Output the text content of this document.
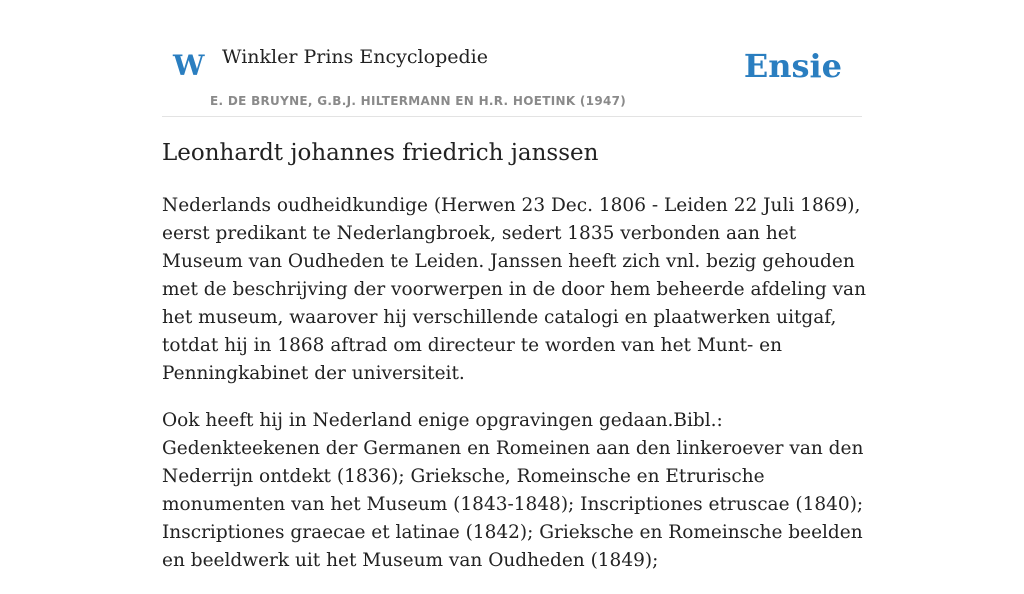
W Winkler Prins Encyclopedie
E. DE BRUYNE, G.B.J. HILTERMANN EN H.R. HOETINK (1947)
Ensie
Leonhardt johannes friedrich janssen

Nederlands oudheidkundige (Herwen 23 Dec. 1806 - Leiden 22 Juli 1869), eerst predikant te Nederlangbroek, sedert 1835 verbonden aan het Museum van Oudheden te Leiden. Janssen heeft zich vnl. bezig gehouden met de beschrijving der voorwerpen in de door hem beheerde afdeling van het museum, waarover hij verschillende catalogi en plaatwerken uitgaf, totdat hij in 1868 aftrad om directeur te worden van het Munt- en Penningkabinet der universiteit.

Ook heeft hij in Nederland enige opgravingen gedaan.Bibl.: Gedenkteekenen der Germanen en Romeinen aan den linkeroever van den Nederrijn ontdekt (1836); Grieksche, Romeinsche en Etrurische monumenten van het Museum (1843-1848); Inscriptiones etruscae (1840); Inscriptiones graecae et latinae (1842); Grieksche en Romeinsche beelden en beeldwerk uit het Museum van Oudheden (1849);
